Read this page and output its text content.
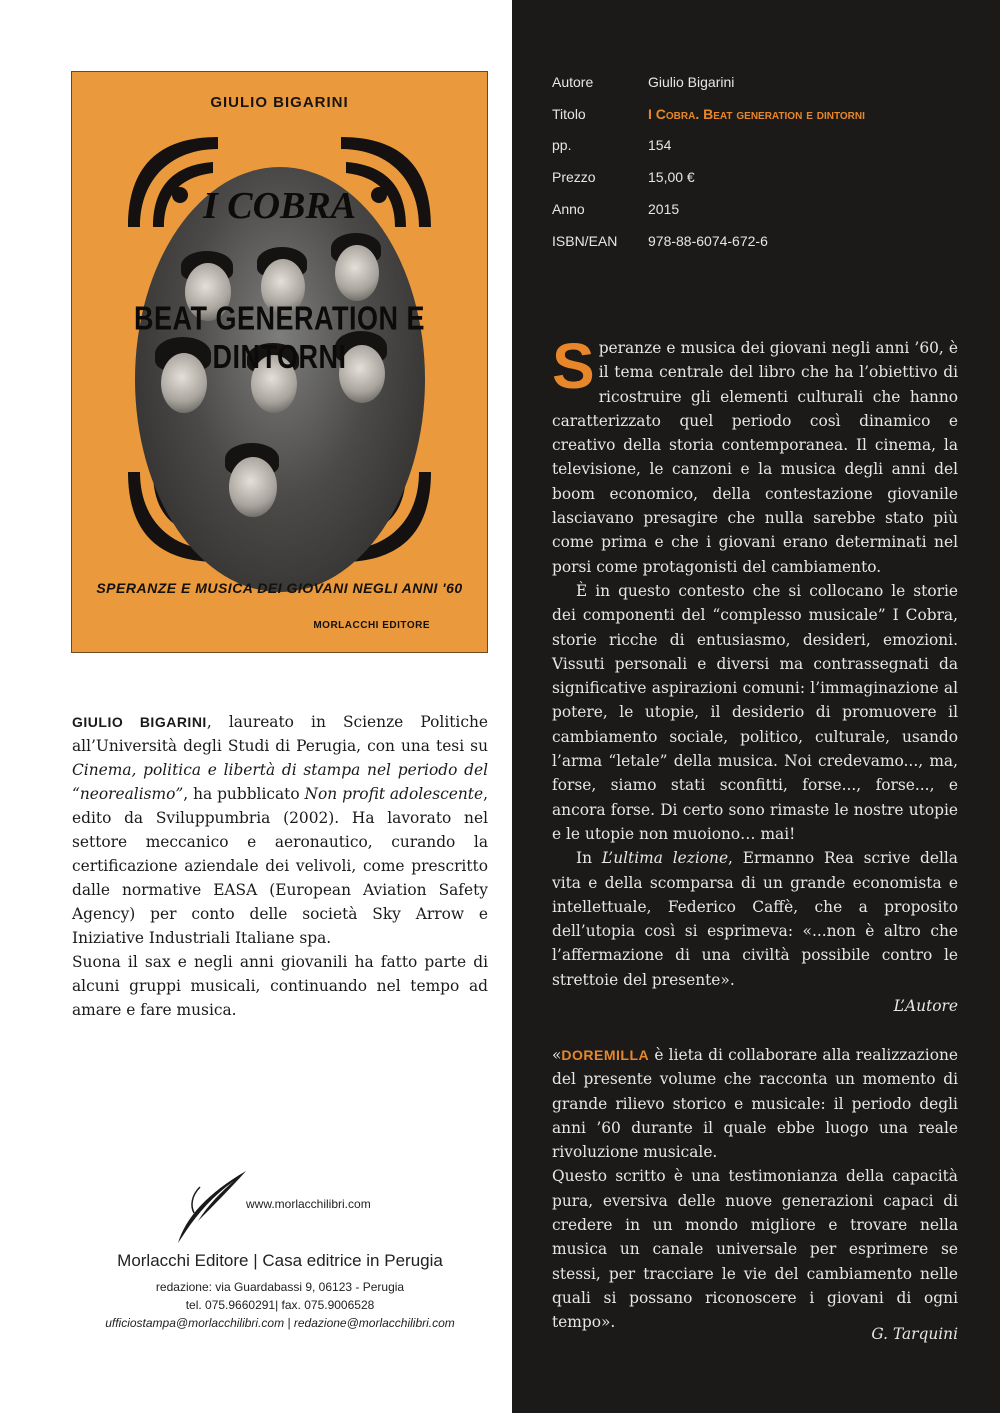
GIULIO BIGARINI
I COBRA
BEAT GENERATION E DINTORNI
SPERANZE E MUSICA DEI GIOVANI NEGLI ANNI '60
MORLACCHI EDITORE
GIULIO BIGARINI, laureato in Scienze Politiche all’Università degli Studi di Perugia, con una tesi su Cinema, politica e libertà di stampa nel periodo del “neorealismo”, ha pubblicato Non profit adolescente, edito da Sviluppumbria (2002). Ha lavorato nel settore meccanico e aeronautico, curando la certificazione aziendale dei velivoli, come prescritto dalle normative EASA (European Aviation Safety Agency) per conto delle società Sky Arrow e Iniziative Industriali Italiane spa.
Suona il sax e negli anni giovanili ha fatto parte di alcuni gruppi musicali, continuando nel tempo ad amare e fare musica.
www.morlacchilibri.com
Morlacchi Editore | Casa editrice in Perugia
redazione: via Guardabassi 9, 06123 - Perugia
tel. 075.9660291| fax. 075.9006528
ufficiostampa@morlacchilibri.com | redazione@morlacchilibri.com
Autore	Giulio Bigarini
Titolo	I Cobra. Beat generation e dintorni
pp.	154
Prezzo	15,00 €
Anno	2015
ISBN/EAN	978-88-6074-672-6

Speranze e musica dei giovani negli anni ’60, è il tema centrale del libro che ha l’obiettivo di ricostruire gli elementi culturali che hanno caratterizzato quel periodo così dinamico e creativo della storia contemporanea. Il cinema, la televisione, le canzoni e la musica degli anni del boom economico, della contestazione giovanile lasciavano presagire che nulla sarebbe stato più come prima e che i giovani erano determinati nel porsi come protagonisti del cambiamento.

È in questo contesto che si collocano le storie dei componenti del “complesso musicale” I Cobra, storie ricche di entusiasmo, desideri, emozioni. Vissuti personali e diversi ma contrassegnati da significative aspirazioni comuni: l’immaginazione al potere, le utopie, il desiderio di promuovere il cambiamento sociale, politico, culturale, usando l’arma “letale” della musica. Noi credevamo..., ma, forse, siamo stati sconfitti, forse..., forse..., e ancora forse. Di certo sono rimaste le nostre utopie e le utopie non muoiono… mai!

In L’ultima lezione, Ermanno Rea scrive della vita e della scomparsa di un grande economista e intellettuale, Federico Caffè, che a proposito dell’utopia così si esprimeva: «...non è altro che l’affermazione di una civiltà possibile contro le strettoie del presente».

L’Autore

«DOREMILLA è lieta di collaborare alla realizzazione del presente volume che racconta un momento di grande rilievo storico e musicale: il periodo degli anni ’60 durante il quale ebbe luogo una reale rivoluzione musicale.
Questo scritto è una testimonianza della capacità pura, eversiva delle nuove generazioni capaci di credere in un mondo migliore e trovare nella musica un canale universale per esprimere se stessi, per tracciare le vie del cambiamento nelle quali si possano riconoscere i giovani di ogni tempo».
G. Tarquini
